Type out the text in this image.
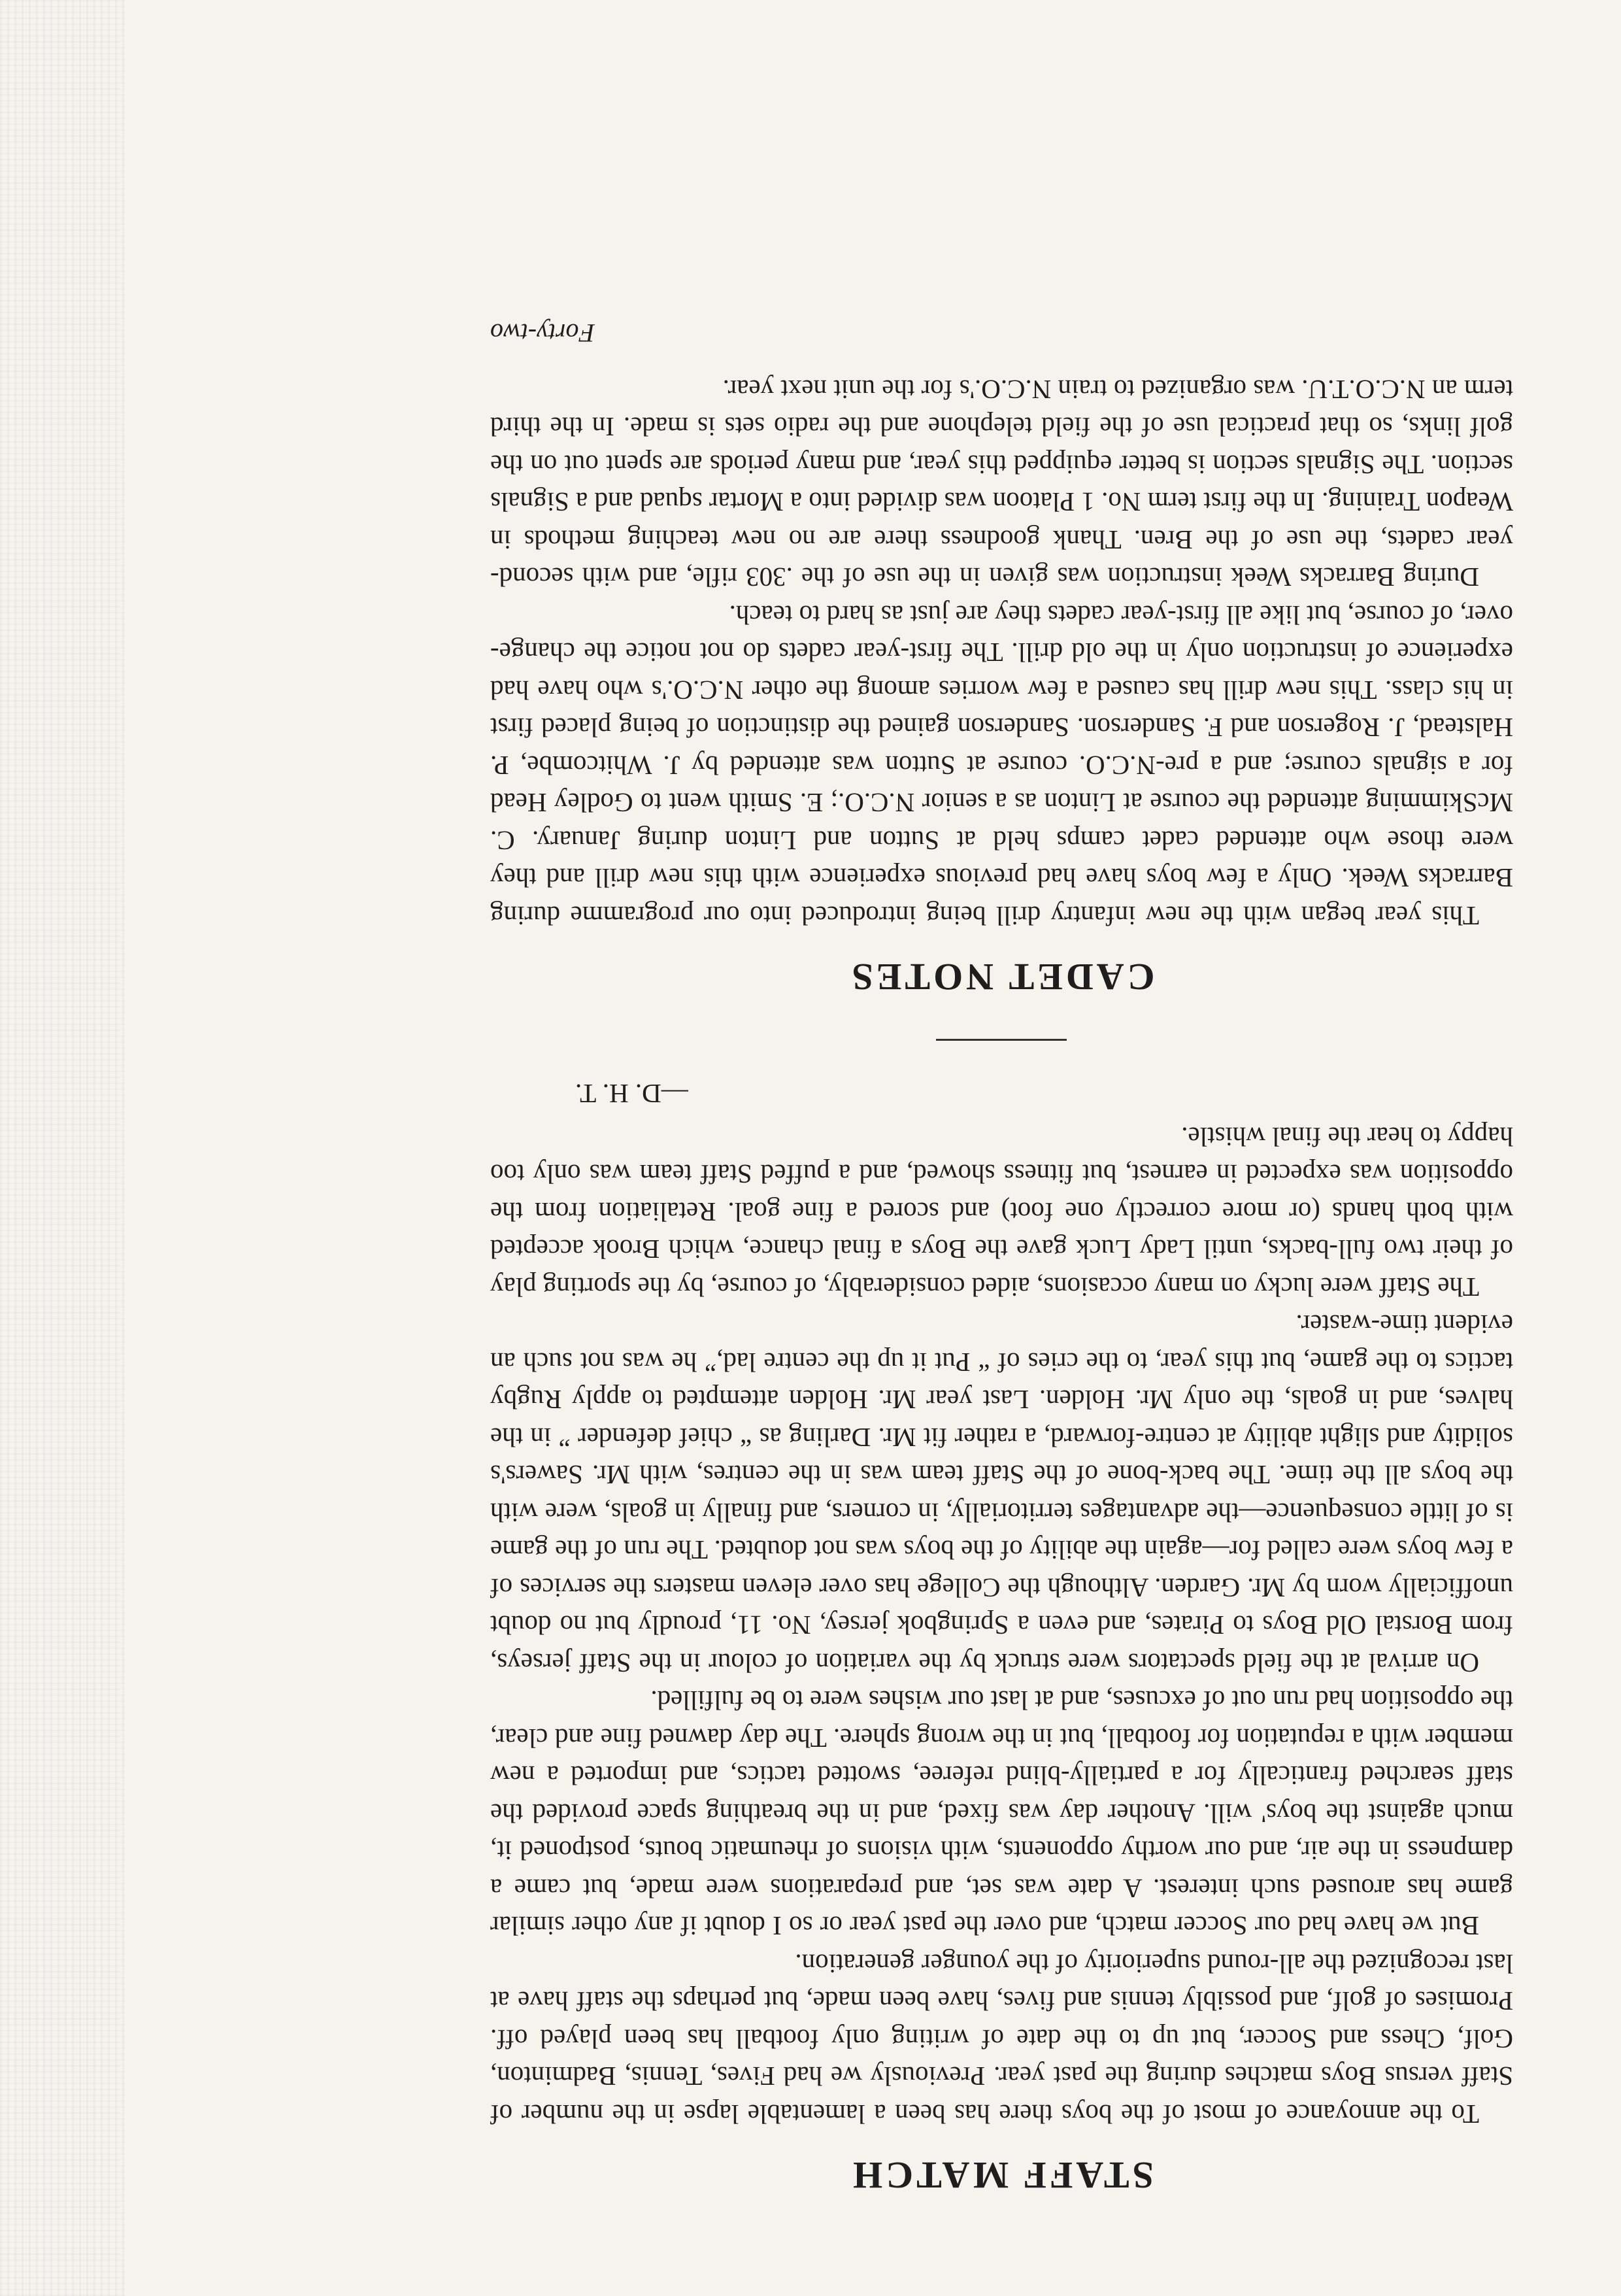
STAFF MATCH

To the annoyance of most of the boys there has been a lamentable lapse in the number of Staff versus Boys matches during the past year. Previously we had Fives, Tennis, Badminton, Golf, Chess and Soccer, but up to the date of writing only football has been played off. Promises of golf, and possibly tennis and fives, have been made, but perhaps the staff have at last recognized the all-round superiority of the younger generation.

But we have had our Soccer match, and over the past year or so I doubt if any other similar game has aroused such interest. A date was set, and preparations were made, but came a dampness in the air, and our worthy opponents, with visions of rheumatic bouts, postponed it, much against the boys' will. Another day was fixed, and in the breathing space provided the staff searched frantically for a partially-blind referee, swotted tactics, and imported a new member with a reputation for football, but in the wrong sphere. The day dawned fine and clear, the opposition had run out of excuses, and at last our wishes were to be fulfilled.

On arrival at the field spectators were struck by the variation of colour in the Staff jerseys, from Borstal Old Boys to Pirates, and even a Springbok jersey, No. 11, proudly but no doubt unofficially worn by Mr. Garden. Although the College has over eleven masters the services of a few boys were called for—again the ability of the boys was not doubted. The run of the game is of little consequence—the advantages territorially, in corners, and finally in goals, were with the boys all the time. The back-bone of the Staff team was in the centres, with Mr. Sawers's solidity and slight ability at centre-forward, a rather fit Mr. Darling as “ chief defender ” in the halves, and in goals, the only Mr. Holden. Last year Mr. Holden attempted to apply Rugby tactics to the game, but this year, to the cries of “ Put it up the centre lad,” he was not such an evident time-waster.

The Staff were lucky on many occasions, aided considerably, of course, by the sporting play of their two full-backs, until Lady Luck gave the Boys a final chance, which Brook accepted with both hands (or more correctly one foot) and scored a fine goal. Retaliation from the opposition was expected in earnest, but fitness showed, and a puffed Staff team was only too happy to hear the final whistle.

—D. H. T.
CADET NOTES

This year began with the new infantry drill being introduced into our programme during Barracks Week. Only a few boys have had previous experience with this new drill and they were those who attended cadet camps held at Sutton and Linton during January. C. McSkimming attended the course at Linton as a senior N.C.O.; E. Smith went to Godley Head for a signals course; and a pre-N.C.O. course at Sutton was attended by J. Whitcombe, P. Halstead, J. Rogerson and F. Sanderson. Sanderson gained the distinction of being placed first in his class. This new drill has caused a few worries among the other N.C.O.'s who have had experience of instruction only in the old drill. The first-year cadets do not notice the change-over, of course, but like all first-year cadets they are just as hard to teach.

During Barracks Week instruction was given in the use of the .303 rifle, and with second-year cadets, the use of the Bren. Thank goodness there are no new teaching methods in Weapon Training. In the first term No. 1 Platoon was divided into a Mortar squad and a Signals section. The Signals section is better equipped this year, and many periods are spent out on the golf links, so that practical use of the field telephone and the radio sets is made. In the third term an N.C.O.T.U. was organized to train N.C.O.'s for the unit next year.

Forty-two
